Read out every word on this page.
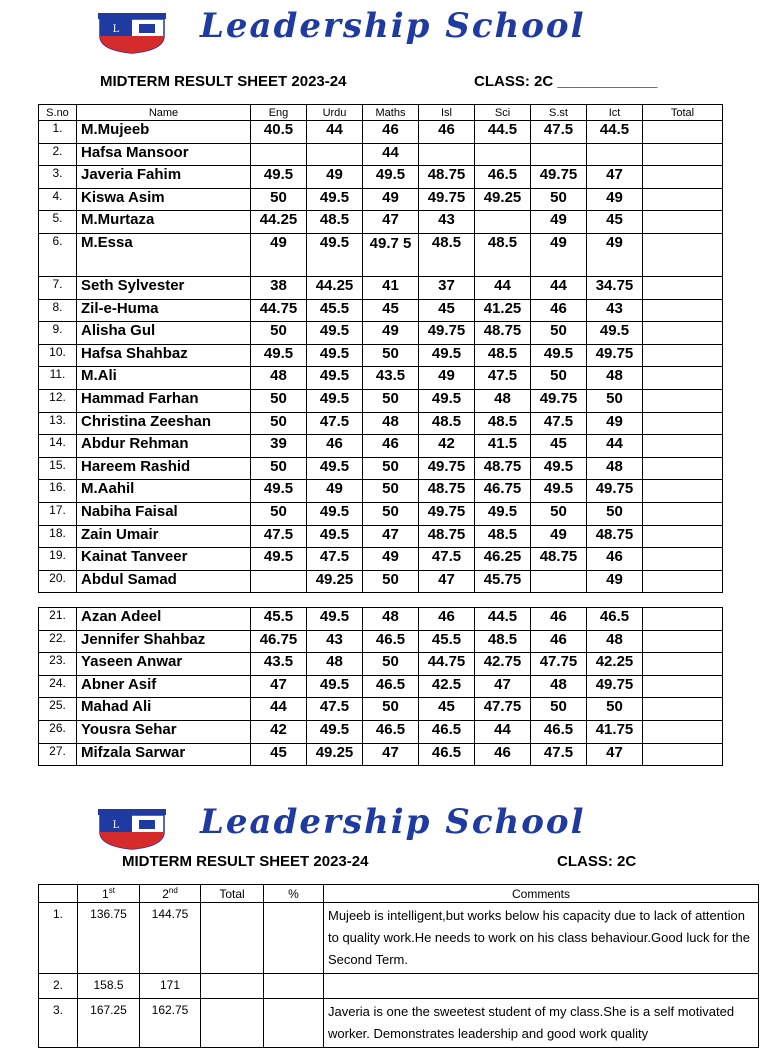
L Leadership School
MIDTERM RESULT SHEET 2023-24	CLASS: 2C ____________
S.no	Name	Eng	Urdu	Maths	Isl	Sci	S.st	Ict	Total
1.	M.Mujeeb	40.5	44	46	46	44.5	47.5	44.5	
2.	Hafsa Mansoor			44					
3.	Javeria Fahim	49.5	49	49.5	48.75	46.5	49.75	47	
4.	Kiswa Asim	50	49.5	49	49.75	49.25	50	49	
5.	M.Murtaza	44.25	48.5	47	43		49	45	
6.	M.Essa	49	49.5	49.7 5	48.5	48.5	49	49	
7.	Seth Sylvester	38	44.25	41	37	44	44	34.75	
8.	Zil-e-Huma	44.75	45.5	45	45	41.25	46	43	
9.	Alisha Gul	50	49.5	49	49.75	48.75	50	49.5	
10.	Hafsa Shahbaz	49.5	49.5	50	49.5	48.5	49.5	49.75	
11.	M.Ali	48	49.5	43.5	49	47.5	50	48	
12.	Hammad Farhan	50	49.5	50	49.5	48	49.75	50	
13.	Christina Zeeshan	50	47.5	48	48.5	48.5	47.5	49	
14.	Abdur Rehman	39	46	46	42	41.5	45	44	
15.	Hareem Rashid	50	49.5	50	49.75	48.75	49.5	48	
16.	M.Aahil	49.5	49	50	48.75	46.75	49.5	49.75	
17.	Nabiha Faisal	50	49.5	50	49.75	49.5	50	50	
18.	Zain Umair	47.5	49.5	47	48.75	48.5	49	48.75	
19.	Kainat Tanveer	49.5	47.5	49	47.5	46.25	48.75	46	
20.	Abdul Samad		49.25	50	47	45.75		49	
21.	Azan Adeel	45.5	49.5	48	46	44.5	46	46.5	
22.	Jennifer Shahbaz	46.75	43	46.5	45.5	48.5	46	48	
23.	Yaseen Anwar	43.5	48	50	44.75	42.75	47.75	42.25	
24.	Abner Asif	47	49.5	46.5	42.5	47	48	49.75	
25.	Mahad Ali	44	47.5	50	45	47.75	50	50	
26.	Yousra Sehar	42	49.5	46.5	46.5	44	46.5	41.75	
27.	Mifzala Sarwar	45	49.25	47	46.5	46	47.5	47	
L Leadership School
MIDTERM RESULT SHEET 2023-24	CLASS: 2C
	1st	2nd	Total	%	Comments
1.	136.75	144.75			Mujeeb is intelligent,but works below his capacity due to lack of attention to quality work.He needs to work on his class behaviour.Good luck for the Second Term.
2.	158.5	171			
3.	167.25	162.75			Javeria is one the sweetest student of my class.She is a self motivated worker. Demonstrates leadership and good work quality
